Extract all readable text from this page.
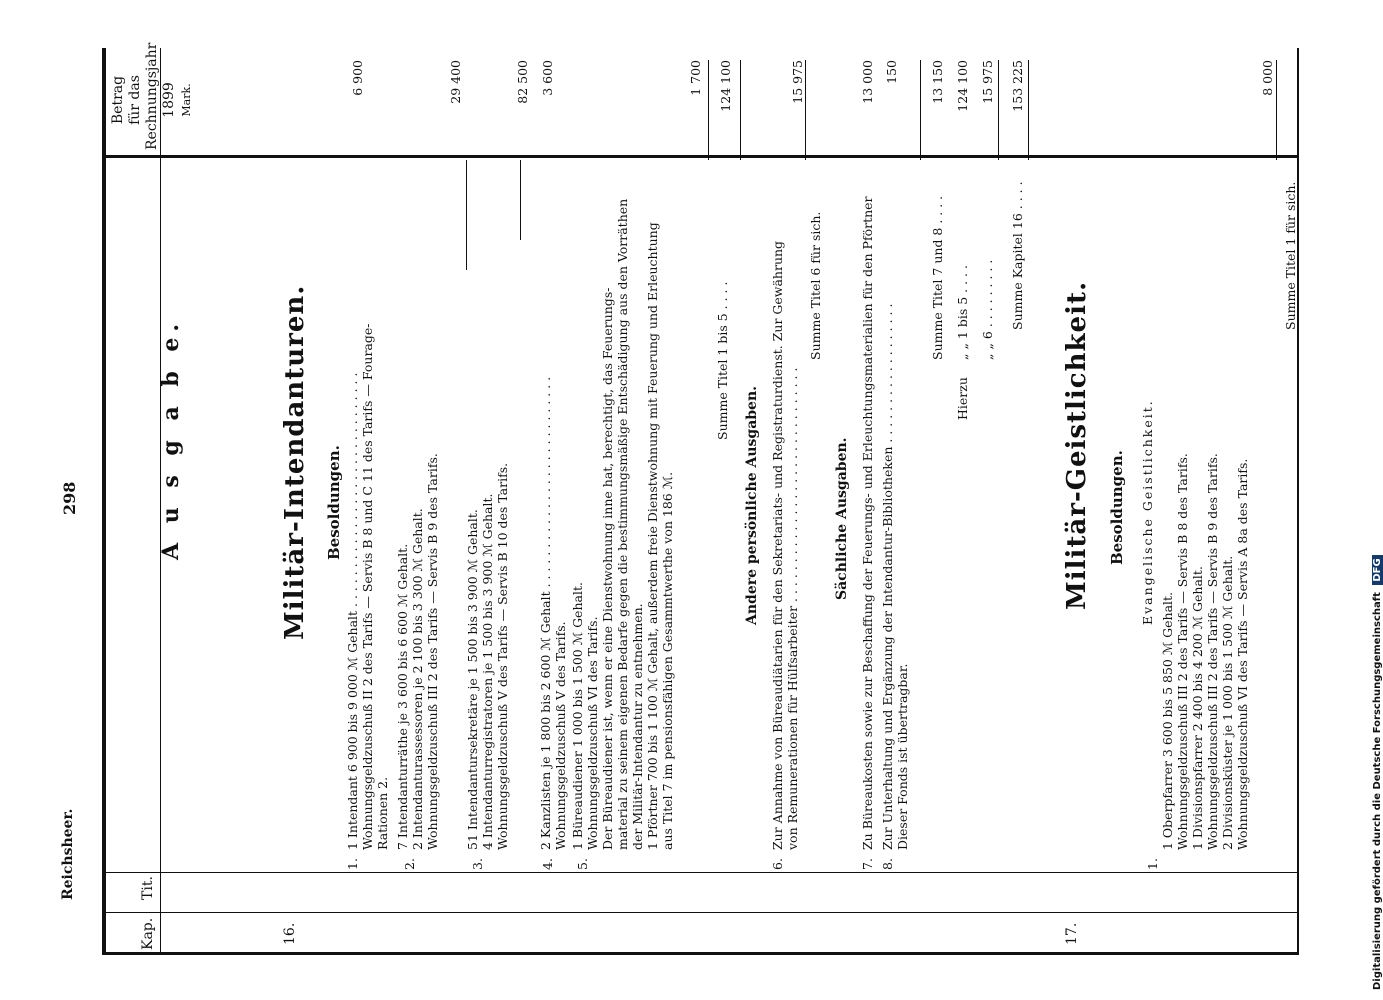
Reichsheer.
298
Kap.
Tit.
Betrag für das Rechnungsjahr 1899 Mark.
A u s g a b e.
16.
Militär-Intendanturen. Besoldungen.
Digitalisierung gefördert durch die Deutsche Forschungsgemeinschaft DFG
1.
1 Intendant 6 900 bis 9 000 ℳ Gehalt . . . . . . . . . . . . . . . . . . . . . . . . . . . . . . Wohnungsgeldzuschuß II 2 des Tarifs — Servis B 8 und C 11 des Tarifs — Fourage- Rationen 2.
6 900
2.
7 Intendanturräthe je 3 600 bis 6 600 ℳ Gehalt. 2 Intendanturassessoren je 2 100 bis 3 300 ℳ Gehalt. Wohnungsgeldzuschuß III 2 des Tarifs — Servis B 9 des Tarifs.
29 400
3.
51 Intendantursekretäre je 1 500 bis 3 900 ℳ Gehalt. 4 Intendanturregistratoren je 1 500 bis 3 900 ℳ Gehalt. Wohnungsgeldzuschuß V des Tarifs — Servis B 10 des Tarifs.
82 500
4.
2 Kanzlisten je 1 800 bis 2 600 ℳ Gehalt . . . . . . . . . . . . . . . . . . . . . . . . . . . Wohnungsgeldzuschuß V des Tarifs.
3 600
5.
1 Büreaudiener 1 000 bis 1 500 ℳ Gehalt. Wohnungsgeldzuschuß VI des Tarifs. Der Büreaudiener ist, wenn er eine Dienstwohnung inne hat, berechtigt, das Feuerungs- material zu seinem eigenen Bedarfe gegen die bestimmungsmäßige Entschädigung aus den Vorräthen der Militär-Intendantur zu entnehmen. 1 Pförtner 700 bis 1 100 ℳ Gehalt, außerdem freie Dienstwohnung mit Feuerung und Erleuchtung aus Titel 7 im pensionsfähigen Gesammtwerthe von 186 ℳ.
1 700
Summe Titel 1 bis 5 . . . .
124 100
Andere persönliche Ausgaben.
6.
Zur Annahme von Büreaudiätarien für den Sekretariats- und Registraturdienst. Zur Gewährung von Remunerationen für Hülfsarbeiter . . . . . . . . . . . . . . . . . . . . . . . . . . . . . .
15 975
Summe Titel 6 für sich.
Sächliche Ausgaben.
7.
Zu Büreaukosten sowie zur Beschaffung der Feuerungs- und Erleuchtungsmaterialien für den Pförtner
13 000
8.
Zur Unterhaltung und Ergänzung der Intendantur-Bibliotheken . . . . . . . . . . . . . . . . . . Dieser Fonds ist übertragbar.
150
Summe Titel 7 und 8 . . . .
13 150
Hierzu
„ „ 1 bis 5 . . . .
124 100
„ „ 6 . . . . . . . . .
15 975
Summe Kapitel 16 . . . .
153 225
17.
Militär-Geistlichkeit. Besoldungen. Evangelische Geistlichkeit.
1.
1 Oberpfarrer 3 600 bis 5 850 ℳ Gehalt. Wohnungsgeldzuschuß III 2 des Tarifs — Servis B 8 des Tarifs. 1 Divisionspfarrer 2 400 bis 4 200 ℳ Gehalt. Wohnungsgeldzuschuß III 2 des Tarifs — Servis B 9 des Tarifs. 2 Divisionsküster je 1 000 bis 1 500 ℳ Gehalt. Wohnungsgeldzuschuß VI des Tarifs — Servis A 8a des Tarifs.
8 000
Summe Titel 1 für sich.
